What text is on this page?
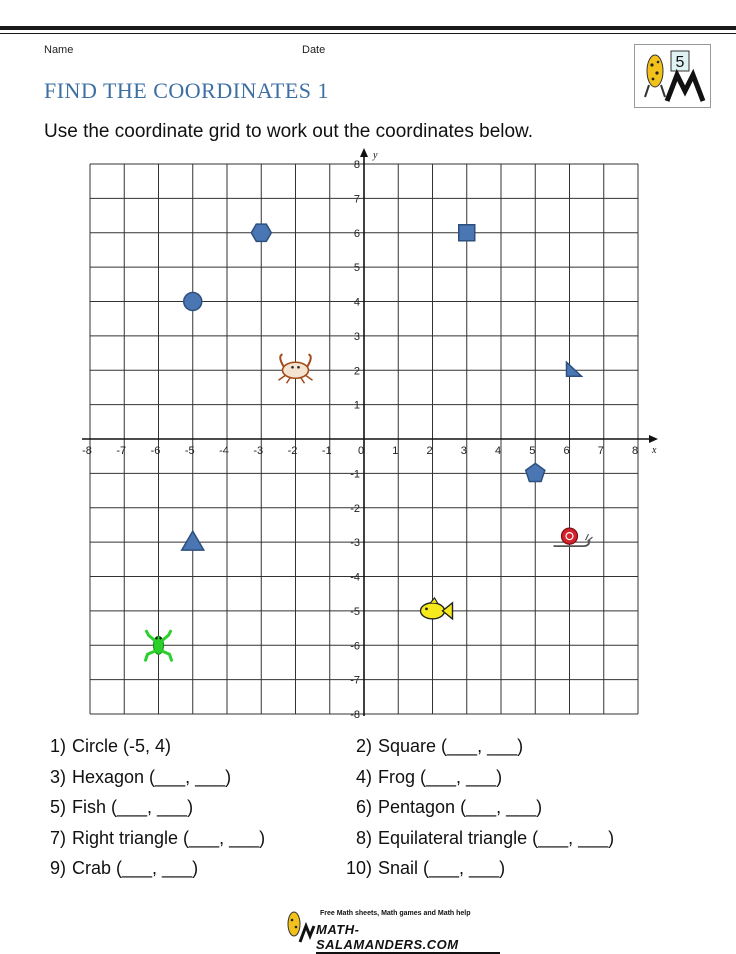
Name	Date
FIND THE COORDINATES 1
5
Use the coordinate grid to work out the coordinates below.
x
y
-8 -7 -6 -5 -4 -3 -2 -1 0	1	2	3	4	5	6	7	8
1
2
3
4
5
6
7
8
-1
-2
-3
-4
-5
-6
-7
-8
1) Circle (-5, 4)	2) Square (___, ___)
3) Hexagon (___, ___)	4) Frog (___, ___)
5) Fish (___, ___)	6) Pentagon (___, ___)
7) Right triangle (___, ___)	8) Equilateral triangle (___, ___)
9) Crab (___, ___)	10) Snail (___, ___)
Free Math sheets, Math games and Math help
MATH-SALAMANDERS.COM
